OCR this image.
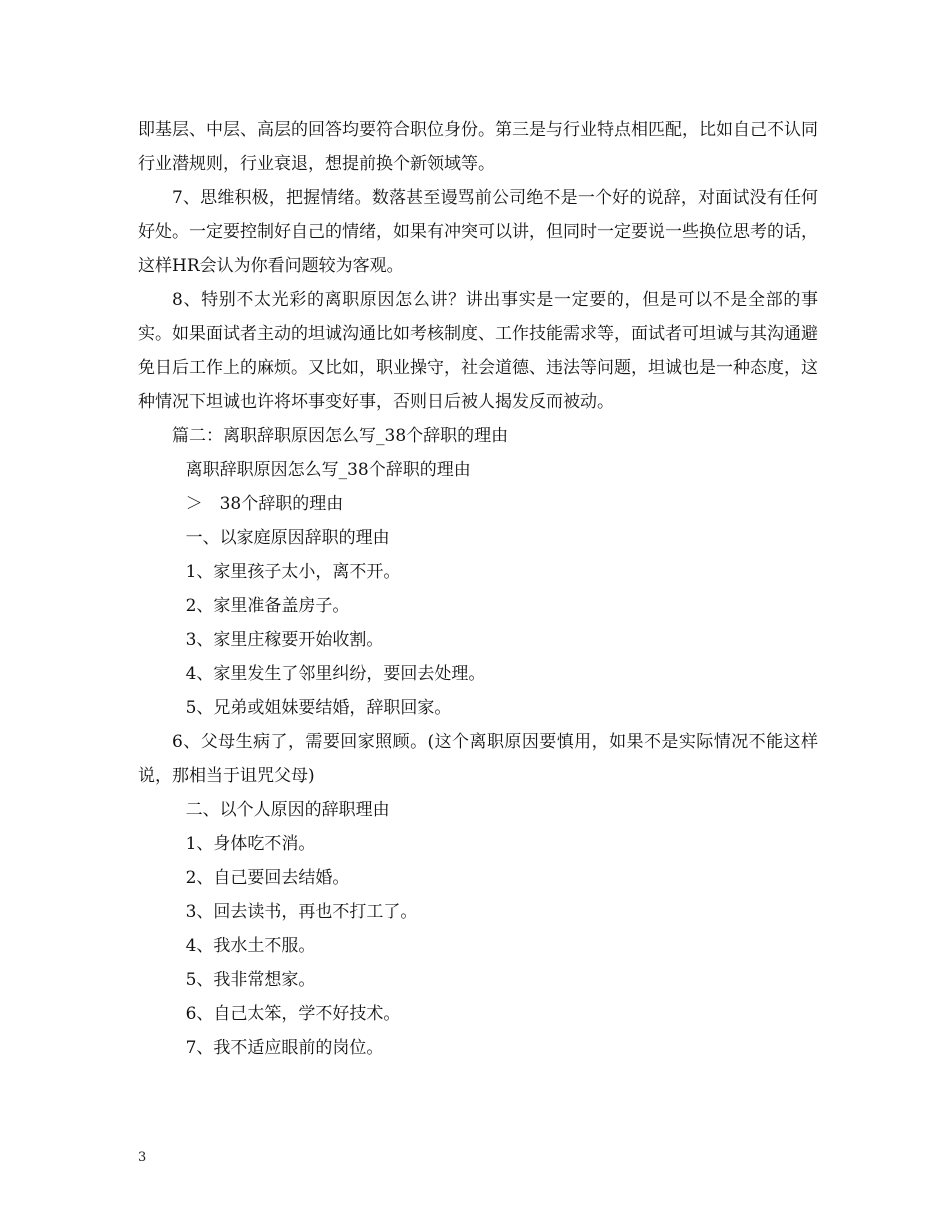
即基层、中层、高层的回答均要符合职位身份。第三是与行业特点相匹配，比如自己不认同行业潜规则，行业衰退，想提前换个新领域等。

7、思维积极，把握情绪。数落甚至谩骂前公司绝不是一个好的说辞，对面试没有任何好处。一定要控制好自己的情绪，如果有冲突可以讲，但同时一定要说一些换位思考的话，这样HR会认为你看问题较为客观。

8、特别不太光彩的离职原因怎么讲？讲出事实是一定要的，但是可以不是全部的事实。如果面试者主动的坦诚沟通比如考核制度、工作技能需求等，面试者可坦诚与其沟通避免日后工作上的麻烦。又比如，职业操守，社会道德、违法等问题，坦诚也是一种态度，这种情况下坦诚也许将坏事变好事，否则日后被人揭发反而被动。

篇二：离职辞职原因怎么写_38个辞职的理由

离职辞职原因怎么写_38个辞职的理由

＞　38个辞职的理由

一、以家庭原因辞职的理由

1、家里孩子太小，离不开。

2、家里准备盖房子。

3、家里庄稼要开始收割。

4、家里发生了邻里纠纷，要回去处理。

5、兄弟或姐妹要结婚，辞职回家。

6、父母生病了，需要回家照顾。(这个离职原因要慎用，如果不是实际情况不能这样说，那相当于诅咒父母)

二、以个人原因的辞职理由

1、身体吃不消。

2、自己要回去结婚。

3、回去读书，再也不打工了。

4、我水土不服。

5、我非常想家。

6、自己太笨，学不好技术。

7、我不适应眼前的岗位。

3
